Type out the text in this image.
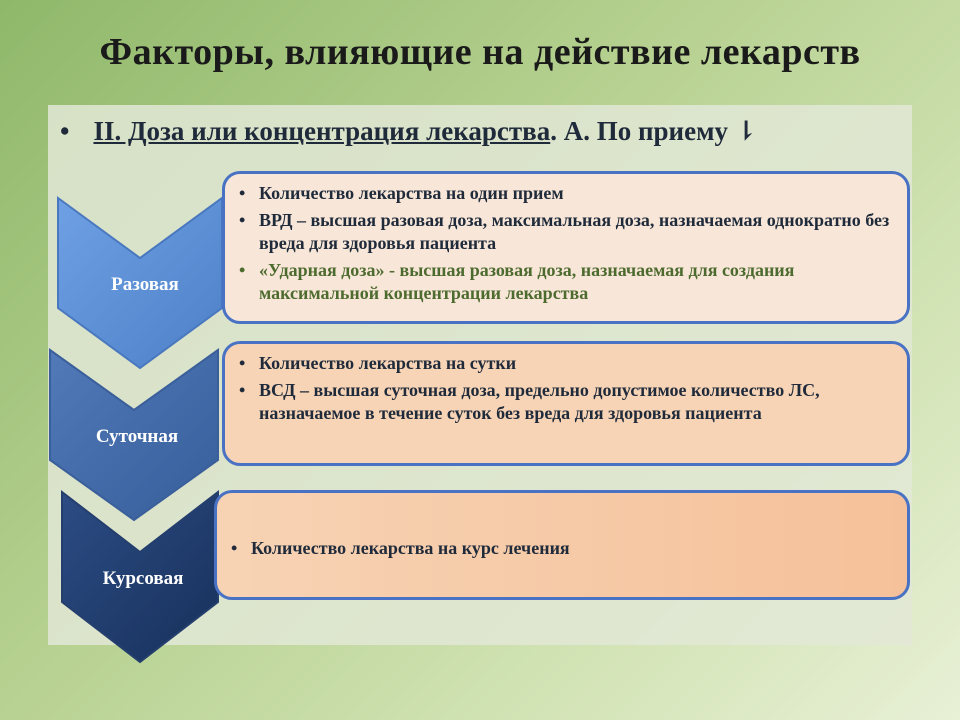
Факторы, влияющие на действие лекарств
• II. Доза или концентрация лекарства. А. По приему ⇂
Разовая
Суточная
Курсовая
• Количество лекарства на один прием
• ВРД – высшая разовая доза, максимальная доза, назначаемая однократно без вреда для здоровья пациента
• «Ударная доза» - высшая разовая доза, назначаемая для создания максимальной концентрации лекарства
• Количество лекарства на сутки
• ВСД – высшая суточная доза, предельно допустимое количество ЛС, назначаемое в течение суток без вреда для здоровья пациента
• Количество лекарства на курс лечения
